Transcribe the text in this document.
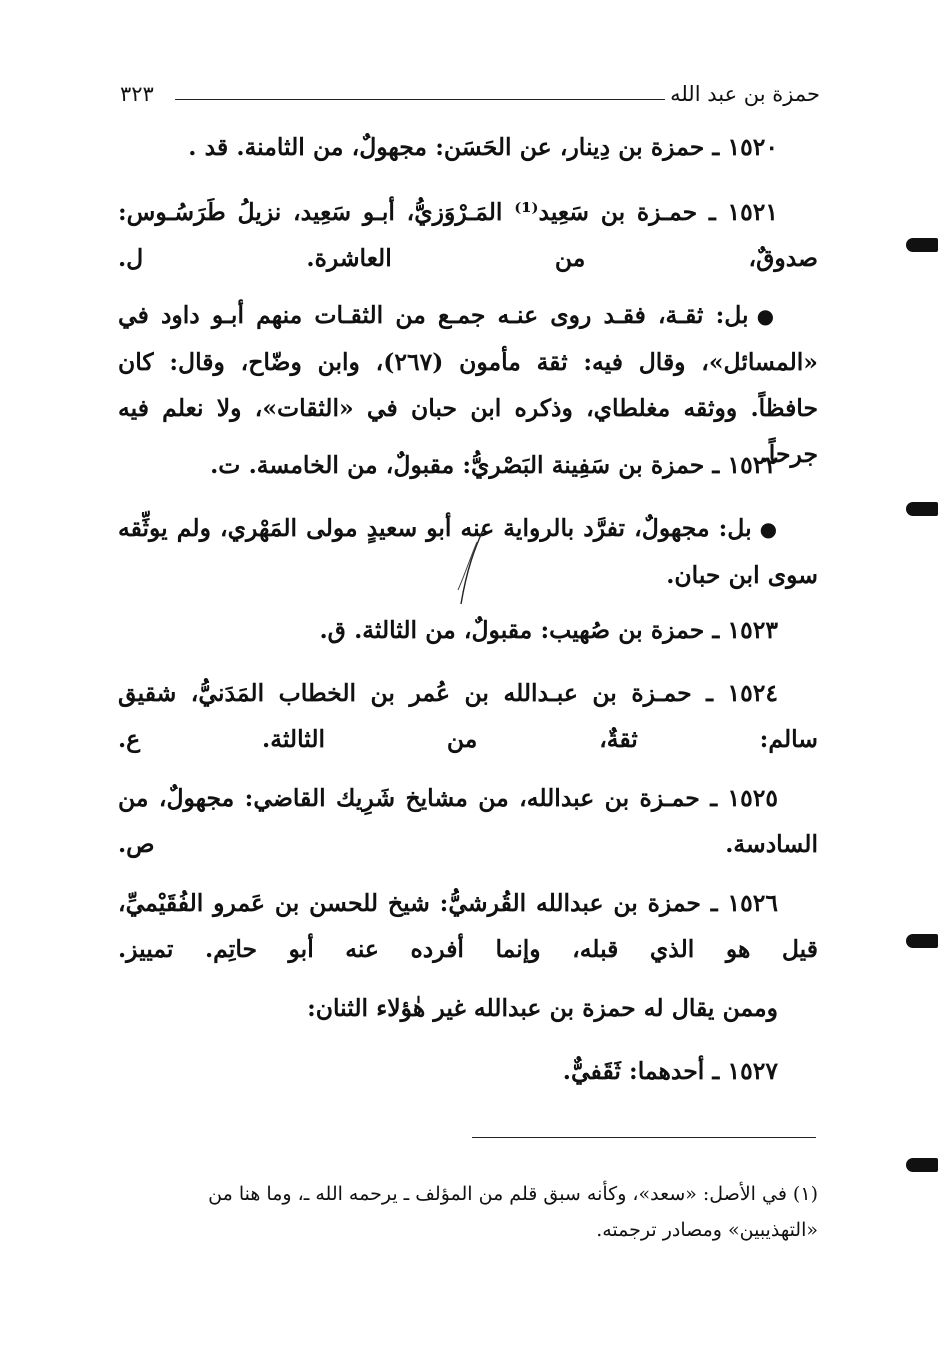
حمزة بن عبد الله
٣٢٣
١٥٢٠ ـ حمزة بن دِينار، عن الحَسَن: مجهولٌ، من الثامنة. قد .
١٥٢١ ـ حمـزة بن سَعِيد⁽¹⁾ المَـرْوَزيُّ، أبـو سَعِيد، نزيلُ طَرَسُـوس: صدوقٌ، من العاشرة. ل.
●بل: ثقـة، فقـد روى عنـه جمـع من الثقـات منهم أبـو داود في «المسائل»، وقال فيه: ثقة مأمون (٢٦٧)، وابن وضّاح، وقال: كان حافظاً. ووثقه مغلطاي، وذكره ابن حبان في «الثقات»، ولا نعلم فيه جرحاً.
١٥٢٢ ـ حمزة بن سَفِينة البَصْريُّ: مقبولٌ، من الخامسة. ت.
●بل: مجهولٌ، تفرَّد بالرواية عنه أبو سعيدٍ مولى المَهْري، ولم يوثِّقه سوى ابن حبان.
١٥٢٣ ـ حمزة بن صُهيب: مقبولٌ، من الثالثة. ق.
١٥٢٤ ـ حمـزة بن عبـدالله بن عُمر بن الخطاب المَدَنيُّ، شقيق سالم: ثقةٌ، من الثالثة. ع.
١٥٢٥ ـ حمـزة بن عبدالله، من مشايخ شَرِيك القاضي: مجهولٌ، من السادسة. ص.
١٥٢٦ ـ حمزة بن عبدالله القُرشيُّ: شيخ للحسن بن عَمرو الفُقَيْميِّ، قيل هو الذي قبله، وإنما أفرده عنه أبو حاتِم. تمييز.
وممن يقال له حمزة بن عبدالله غير هٰؤلاء الثنان:
١٥٢٧ ـ أحدهما: ثَقَفيٌّ.
(١) في الأصل: «سعد»، وكأنه سبق قلم من المؤلف ـ يرحمه الله ـ، وما هنا من «التهذيبين» ومصادر ترجمته.
